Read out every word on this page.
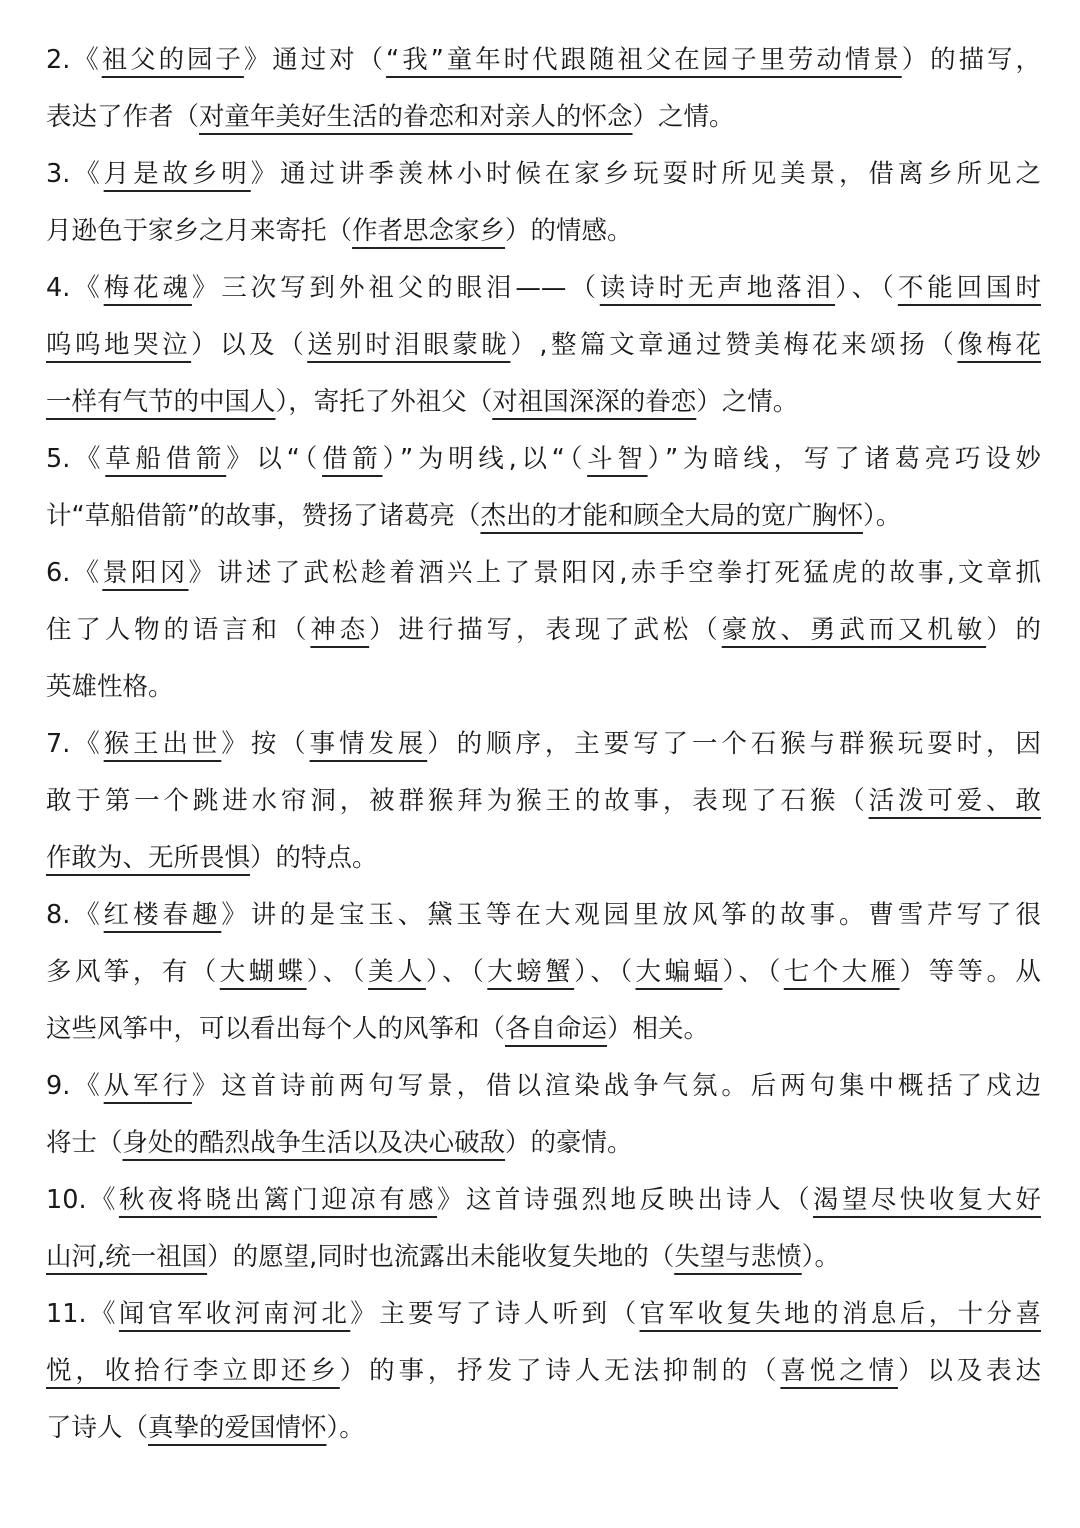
2.《祖父的园子》通过对（“我”童年时代跟随祖父在园子里劳动情景）的描写，
表达了作者（对童年美好生活的眷恋和对亲人的怀念）之情。
3.《月是故乡明》通过讲季羡林小时候在家乡玩耍时所见美景，借离乡所见之
月逊色于家乡之月来寄托（作者思念家乡）的情感。
4.《梅花魂》三次写到外祖父的眼泪——（读诗时无声地落泪）、（不能回国时
呜呜地哭泣）以及（送别时泪眼蒙眬）,整篇文章通过赞美梅花来颂扬（像梅花
一样有气节的中国人），寄托了外祖父（对祖国深深的眷恋）之情。
5.《草船借箭》以“（借箭）”为明线,以“（斗智）”为暗线，写了诸葛亮巧设妙
计“草船借箭”的故事，赞扬了诸葛亮（杰出的才能和顾全大局的宽广胸怀）。
6.《景阳冈》讲述了武松趁着酒兴上了景阳冈,赤手空拳打死猛虎的故事,文章抓
住了人物的语言和（神态）进行描写，表现了武松（豪放、勇武而又机敏）的
英雄性格。
7.《猴王出世》按（事情发展）的顺序，主要写了一个石猴与群猴玩耍时，因
敢于第一个跳进水帘洞，被群猴拜为猴王的故事，表现了石猴（活泼可爱、敢
作敢为、无所畏惧）的特点。
8.《红楼春趣》讲的是宝玉、黛玉等在大观园里放风筝的故事。曹雪芹写了很
多风筝，有（大蝴蝶）、（美人）、（大螃蟹）、（大蝙蝠）、（七个大雁）等等。从
这些风筝中，可以看出每个人的风筝和（各自命运）相关。
9.《从军行》这首诗前两句写景，借以渲染战争气氛。后两句集中概括了戍边
将士（身处的酷烈战争生活以及决心破敌）的豪情。
10.《秋夜将晓出篱门迎凉有感》这首诗强烈地反映出诗人（渴望尽快收复大好
山河,统一祖国）的愿望,同时也流露出未能收复失地的（失望与悲愤）。
11.《闻官军收河南河北》主要写了诗人听到（官军收复失地的消息后，十分喜
悦，收拾行李立即还乡）的事，抒发了诗人无法抑制的（喜悦之情）以及表达
了诗人（真挚的爱国情怀）。
